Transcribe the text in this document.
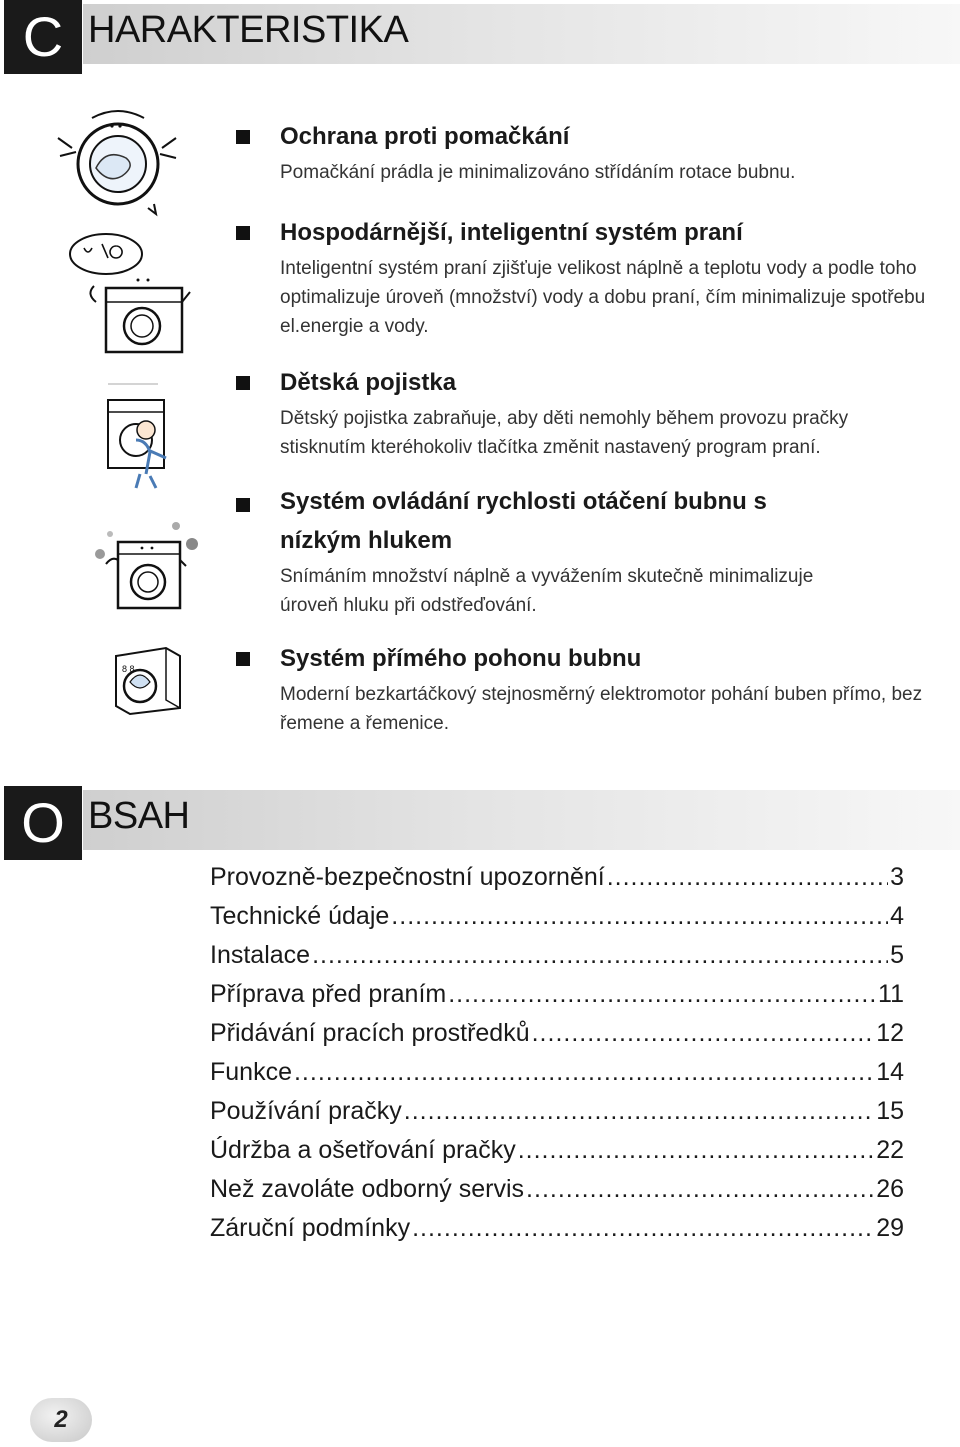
C HARAKTERISTIKA
8 8
Ochrana proti pomačkání
Pomačkání prádla je minimalizováno střídáním rotace bubnu.
Hospodárnější, inteligentní systém praní
Inteligentní systém praní zjišťuje velikost náplně a teplotu vody a podle toho optimalizuje úroveň (množství) vody a dobu praní, čím minimalizuje spotřebu el.energie a vody.
Dětská pojistka
Dětský pojistka zabraňuje, aby děti nemohly během provozu pračky stisknutím kteréhokoliv tlačítka změnit nastavený program praní.
Systém ovládání rychlosti otáčení bubnu s nízkým hlukem
Snímáním množství náplně a vyvážením skutečně minimalizuje úroveň hluku při odstřeďování.
Systém přímého pohonu bubnu
Moderní bezkartáčkový stejnosměrný elektromotor pohání buben přímo, bez řemene a řemenice.
O BSAH
Provozně-bezpečnostní upozornění .....	3
Technické údaje .....	4
Instalace .....	5
Příprava před praním .....	11
Přidávání pracích prostředků .....	12
Funkce .....	14
Používání pračky .....	15
Údržba a ošetřování pračky .....	22
Než zavoláte odborný servis .....	26
Záruční podmínky .....	29
2
